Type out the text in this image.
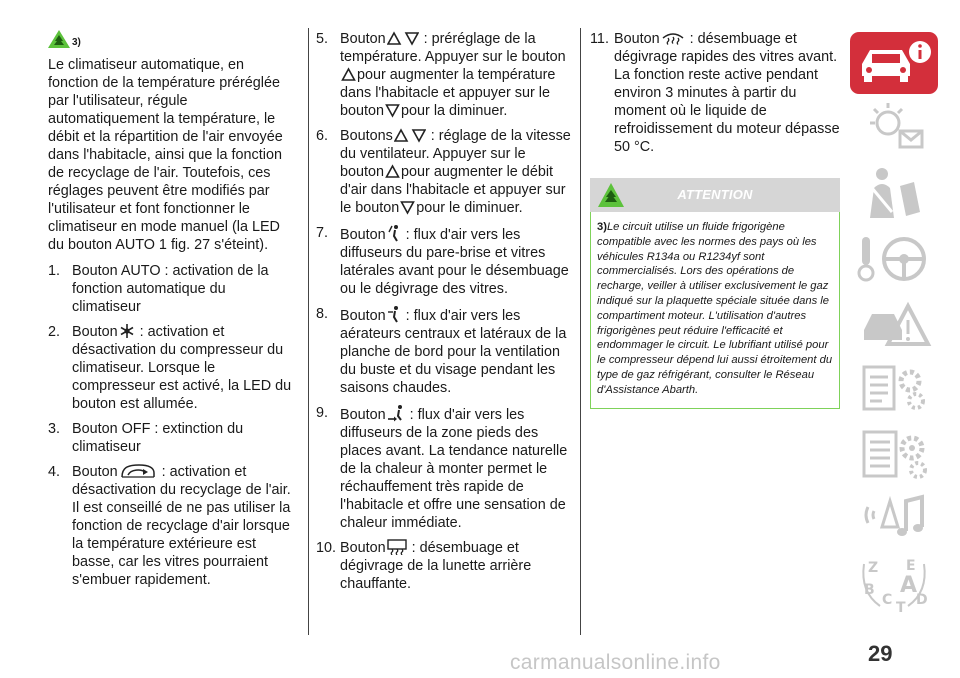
3)

Le climatiseur automatique, en fonction de la température préréglée par l'utilisateur, régule automatiquement la température, le débit et la répartition de l'air envoyée dans l'habitacle, ainsi que la fonction de recyclage de l'air. Toutefois, ces réglages peuvent être modifiés par l'utilisateur et font fonctionner le climatiseur en mode manuel (la LED du bouton AUTO 1 fig. 27 s'éteint).

1. Bouton AUTO : activation de la fonction automatique du climatiseur
2. Bouton : activation et désactivation du compresseur du climatiseur. Lorsque le compresseur est activé, la LED du bouton est allumée.
3. Bouton OFF : extinction du climatiseur
4. Bouton	: activation et désactivation du recyclage de l'air. Il est conseillé de ne pas utiliser la fonction de recyclage d'air lorsque la température extérieure est basse, car les vitres pourraient s'embuer rapidement.
5. Bouton : préréglage de la température. Appuyer sur le bouton
pour augmenter la température dans l'habitacle et appuyer sur le bouton pour la diminuer.
6. Boutons : réglage de la vitesse du ventilateur. Appuyer sur le bouton pour augmenter le débit d'air dans l'habitacle et appuyer sur le bouton pour le diminuer.
7. Bouton : flux d'air vers les diffuseurs du pare-brise et vitres latérales avant pour le désembuage ou le dégivrage des vitres.
8. Bouton : flux d'air vers les aérateurs centraux et latéraux de la planche de bord pour la ventilation du buste et du visage pendant les saisons chaudes.
9. Bouton : flux d'air vers les diffuseurs de la zone pieds des places avant. La tendance naturelle de la chaleur à monter permet le réchauffement très rapide de l'habitacle et offre une sensation de chaleur immédiate.
10. Bouton : désembuage et dégivrage de la lunette arrière chauffante.
11. Bouton : désembuage et dégivrage rapides des vitres avant. La fonction reste active pendant environ 3 minutes à partir du moment où le liquide de refroidissement du moteur dépasse 50 °C.
ATTENTION
3)Le circuit utilise un fluide frigorigène compatible avec les normes des pays où les véhicules R134a ou R1234yf sont commercialisés. Lors des opérations de recharge, veiller à utiliser exclusivement le gaz indiqué sur la plaquette spéciale située dans le compartiment moteur. L'utilisation d'autres frigorigènes peut réduire l'efficacité et endommager le circuit. Le lubrifiant utilisé pour le compresseur dépend lui aussi étroitement du type de gaz réfrigérant, consulter le Réseau d'Assistance Abarth.
Z E
B A
C T D
carmanualsonline.info	29
